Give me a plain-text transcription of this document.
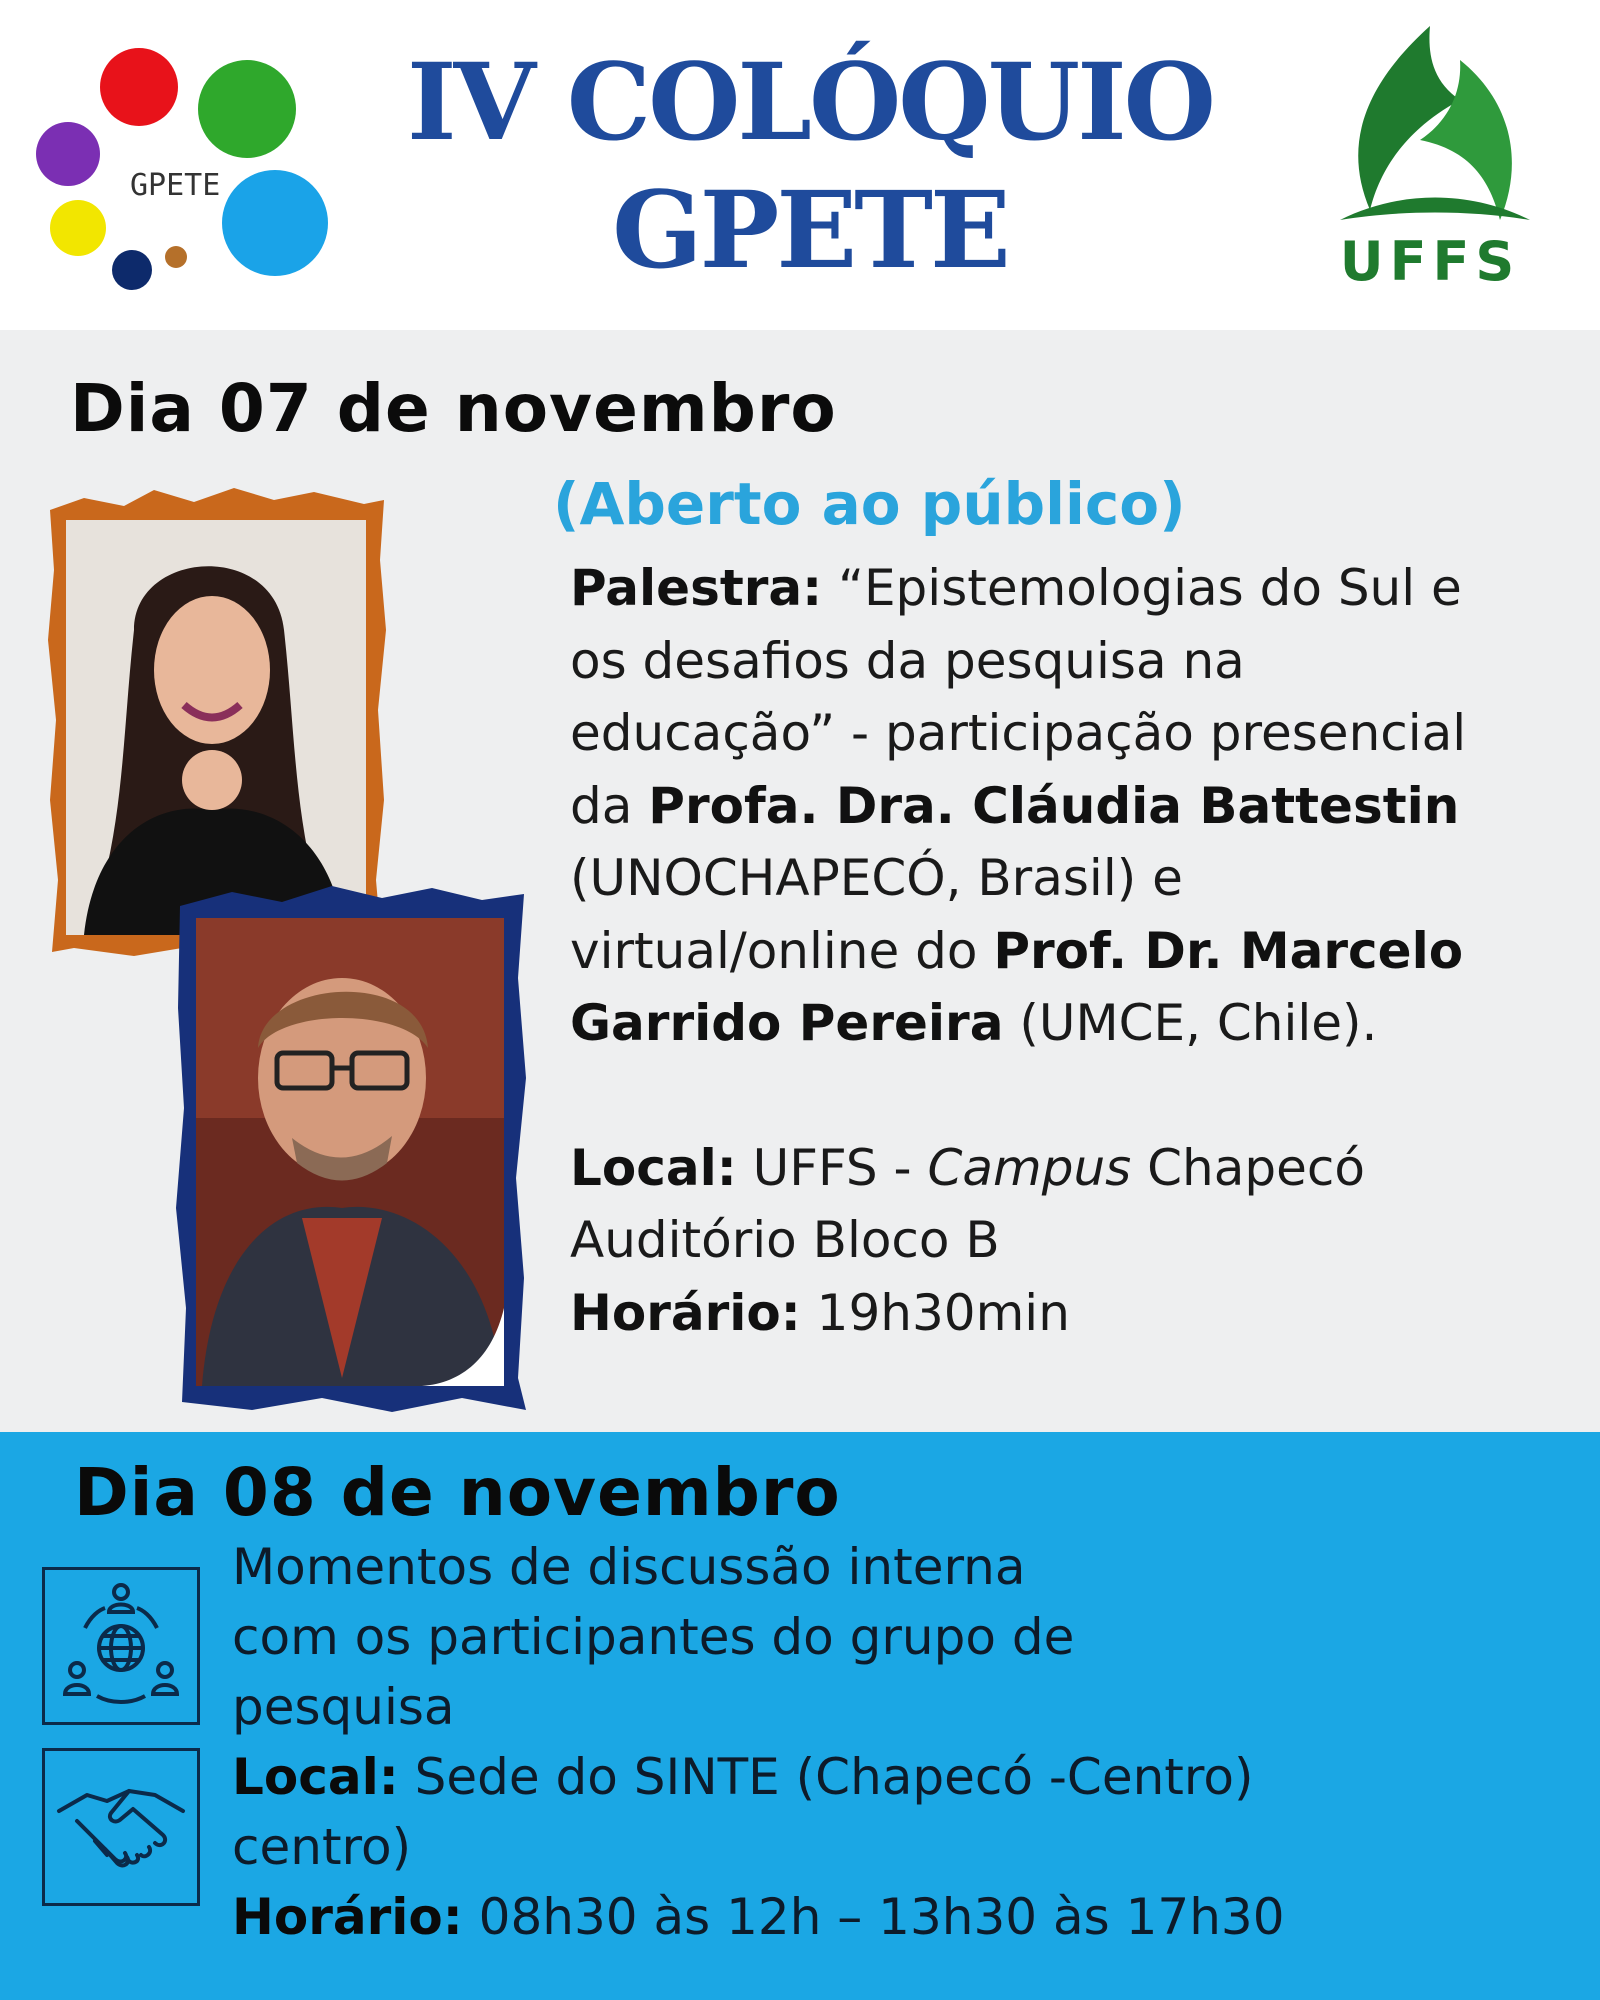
GPETE
IV COLÓQUIO
GPETE	UFFS
Dia 07 de novembro
(Aberto ao público)
Palestra: “Epistemologias do Sul e
os desafios da pesquisa na
educação” - participação presencial
da Profa. Dra. Cláudia Battestin
(UNOCHAPECÓ, Brasil) e
virtual/online do Prof. Dr. Marcelo
Garrido Pereira (UMCE, Chile).
Local: UFFS - Campus Chapecó
Auditório Bloco B
Horário: 19h30min
Dia 08 de novembro
Momentos de discussão interna
com os participantes do grupo de
pesquisa
Local: Sede do SINTE (Chapecó -Centro)
centro)
Horário: 08h30 às 12h – 13h30 às 17h30
